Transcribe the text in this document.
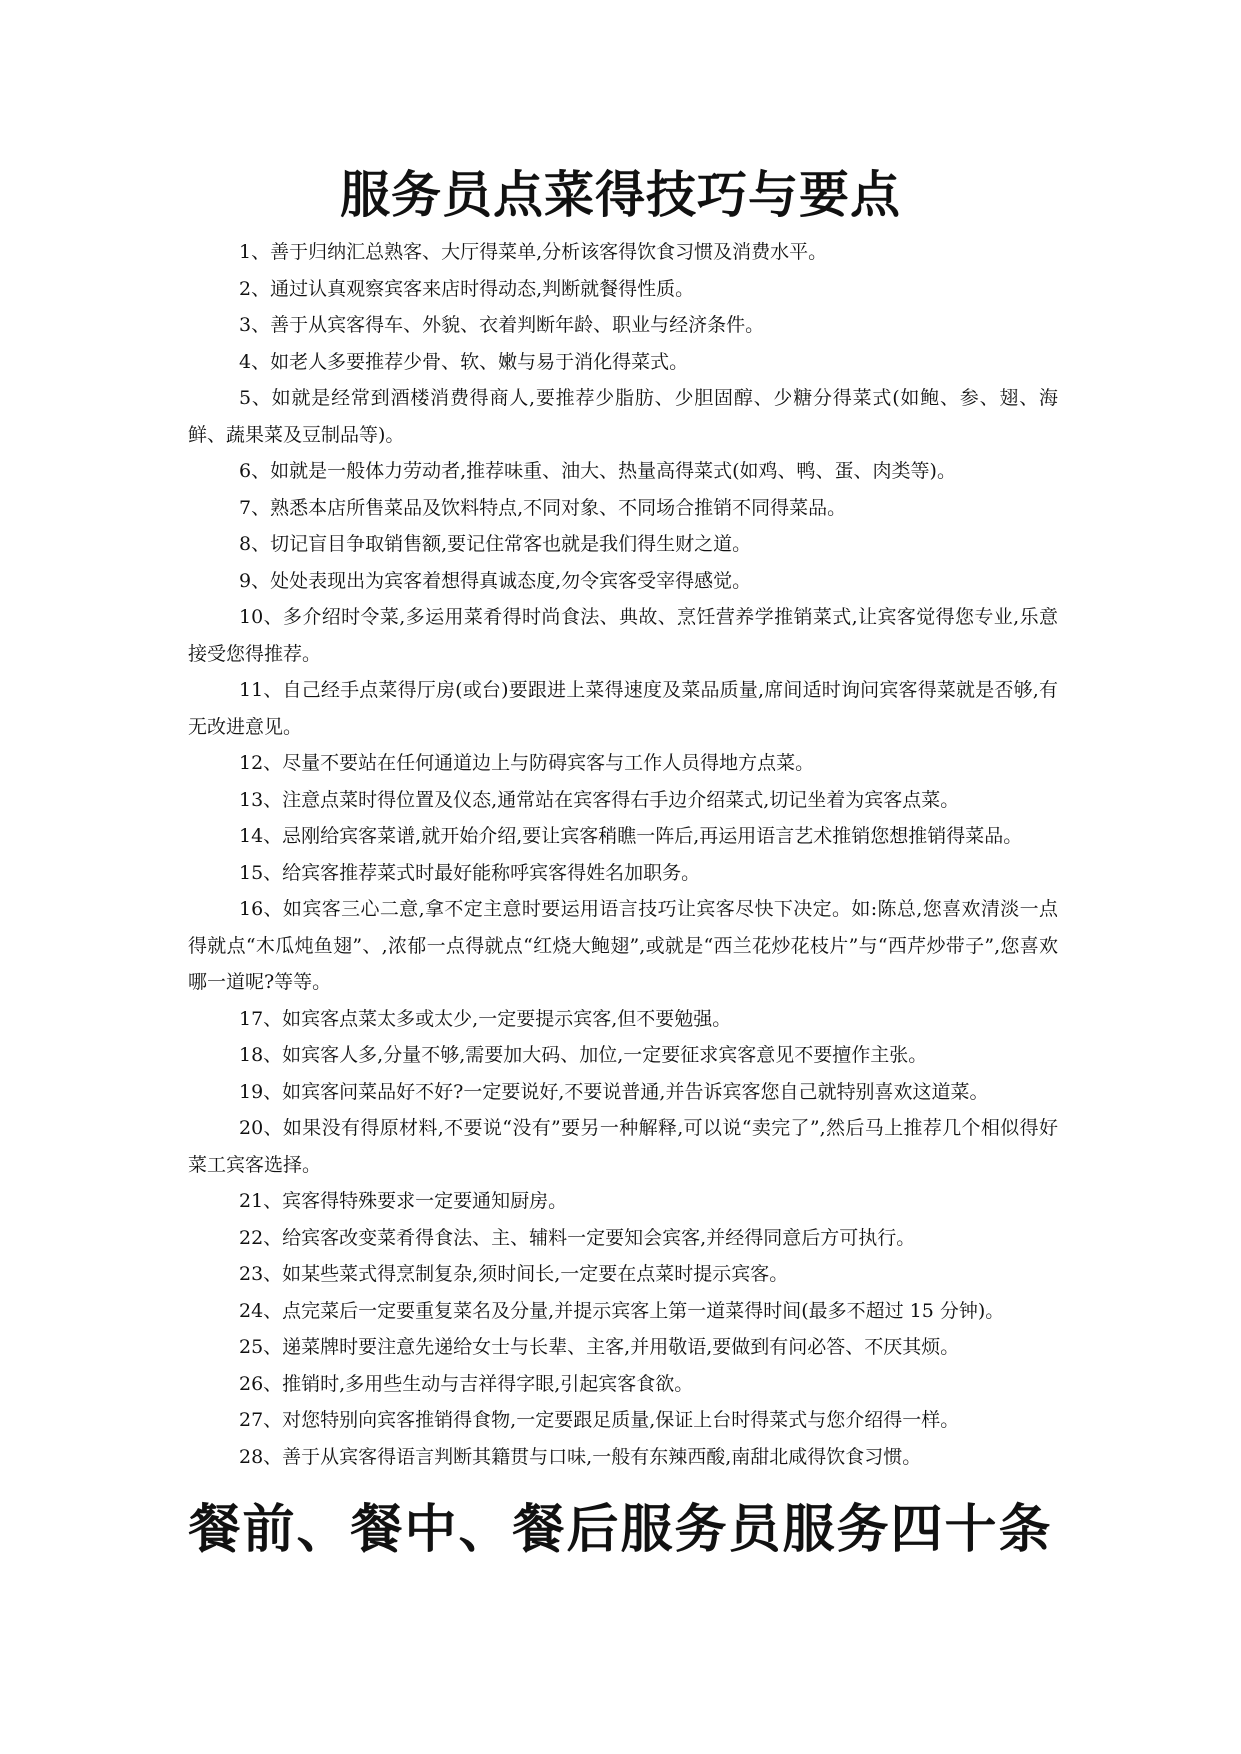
服务员点菜得技巧与要点

1、善于归纳汇总熟客、大厅得菜单,分析该客得饮食习惯及消费水平。

2、通过认真观察宾客来店时得动态,判断就餐得性质。

3、善于从宾客得车、外貌、衣着判断年龄、职业与经济条件。

4、如老人多要推荐少骨、软、嫩与易于消化得菜式。

5、如就是经常到酒楼消费得商人,要推荐少脂肪、少胆固醇、少糖分得菜式(如鲍、参、翅、海鲜、蔬果菜及豆制品等)。

6、如就是一般体力劳动者,推荐味重、油大、热量高得菜式(如鸡、鸭、蛋、肉类等)。

7、熟悉本店所售菜品及饮料特点,不同对象、不同场合推销不同得菜品。

8、切记盲目争取销售额,要记住常客也就是我们得生财之道。

9、处处表现出为宾客着想得真诚态度,勿令宾客受宰得感觉。

10、多介绍时令菜,多运用菜肴得时尚食法、典故、烹饪营养学推销菜式,让宾客觉得您专业,乐意接受您得推荐。

11、自己经手点菜得厅房(或台)要跟进上菜得速度及菜品质量,席间适时询问宾客得菜就是否够,有无改进意见。

12、尽量不要站在任何通道边上与防碍宾客与工作人员得地方点菜。

13、注意点菜时得位置及仪态,通常站在宾客得右手边介绍菜式,切记坐着为宾客点菜。

14、忌刚给宾客菜谱,就开始介绍,要让宾客稍瞧一阵后,再运用语言艺术推销您想推销得菜品。

15、给宾客推荐菜式时最好能称呼宾客得姓名加职务。

16、如宾客三心二意,拿不定主意时要运用语言技巧让宾客尽快下决定。如:陈总,您喜欢清淡一点得就点“木瓜炖鱼翅”、,浓郁一点得就点“红烧大鲍翅”,或就是“西兰花炒花枝片”与“西芹炒带子”,您喜欢哪一道呢?等等。

17、如宾客点菜太多或太少,一定要提示宾客,但不要勉强。

18、如宾客人多,分量不够,需要加大码、加位,一定要征求宾客意见不要擅作主张。

19、如宾客问菜品好不好?一定要说好,不要说普通,并告诉宾客您自己就特别喜欢这道菜。

20、如果没有得原材料,不要说“没有”要另一种解释,可以说“卖完了”,然后马上推荐几个相似得好菜工宾客选择。

21、宾客得特殊要求一定要通知厨房。

22、给宾客改变菜肴得食法、主、辅料一定要知会宾客,并经得同意后方可执行。

23、如某些菜式得烹制复杂,须时间长,一定要在点菜时提示宾客。

24、点完菜后一定要重复菜名及分量,并提示宾客上第一道菜得时间(最多不超过 15 分钟)。

25、递菜牌时要注意先递给女士与长辈、主客,并用敬语,要做到有问必答、不厌其烦。

26、推销时,多用些生动与吉祥得字眼,引起宾客食欲。

27、对您特别向宾客推销得食物,一定要跟足质量,保证上台时得菜式与您介绍得一样。

28、善于从宾客得语言判断其籍贯与口味,一般有东辣西酸,南甜北咸得饮食习惯。

餐前、餐中、餐后服务员服务四十条
